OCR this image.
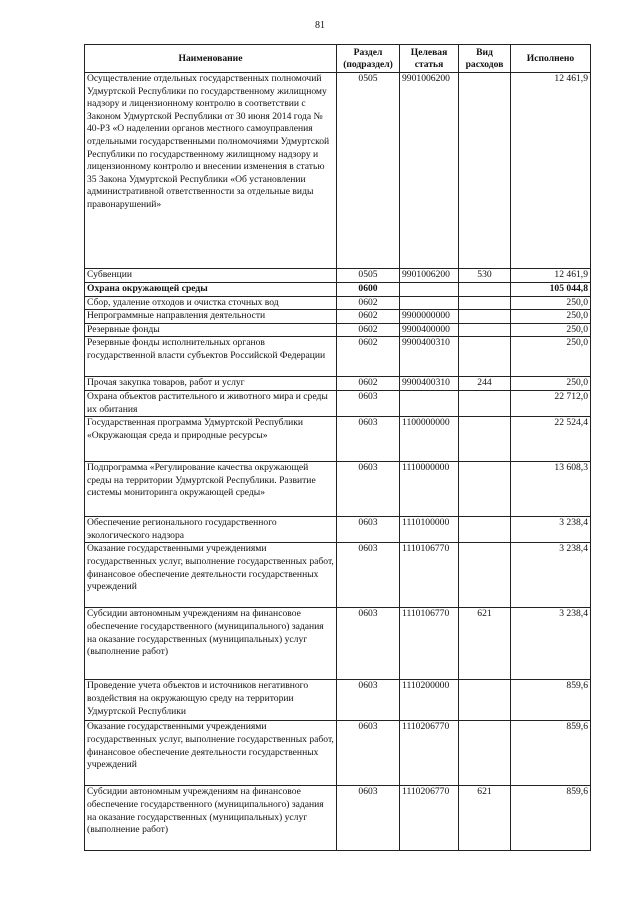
81
Наименование	Раздел (подраздел)	Целевая статья	Вид расходов	Исполнено
Осуществление отдельных государственных полномочий Удмуртской Республики по государственному жилищному надзору и лицензионному контролю в соответствии с Законом Удмуртской Республики от 30 июня 2014 года № 40-РЗ «О наделении органов местного самоуправления отдельными государственными полномочиями Удмуртской Республики по государственному жилищному надзору и лицензионному контролю и внесении изменения в статью 35 Закона Удмуртской Республики «Об установлении административной ответственности за отдельные виды правонарушений»	0505	9901006200		12 461,9
Субвенции	0505	9901006200	530	12 461,9
Охрана окружающей среды	0600			105 044,8
Сбор, удаление отходов и очистка сточных вод	0602			250,0
Непрограммные направления деятельности	0602	9900000000		250,0
Резервные фонды	0602	9900400000		250,0
Резервные фонды исполнительных органов государственной власти субъектов Российской Федерации	0602	9900400310		250,0
Прочая закупка товаров, работ и услуг	0602	9900400310	244	250,0
Охрана объектов растительного и животного мира и среды их обитания	0603			22 712,0
Государственная программа Удмуртской Республики «Окружающая среда и природные ресурсы»	0603	1100000000		22 524,4
Подпрограмма «Регулирование качества окружающей среды на территории Удмуртской Республики. Развитие системы мониторинга окружающей среды»	0603	1110000000		13 608,3
Обеспечение регионального государственного экологического надзора	0603	1110100000		3 238,4
Оказание государственными учреждениями государственных услуг, выполнение государственных работ, финансовое обеспечение деятельности государственных учреждений	0603	1110106770		3 238,4
Субсидии автономным учреждениям на финансовое обеспечение государственного (муниципального) задания на оказание государственных (муниципальных) услуг (выполнение работ)	0603	1110106770	621	3 238,4
Проведение учета объектов и источников негативного воздействия на окружающую среду на территории Удмуртской Республики	0603	1110200000		859,6
Оказание государственными учреждениями государственных услуг, выполнение государственных работ, финансовое обеспечение деятельности государственных учреждений	0603	1110206770		859,6
Субсидии автономным учреждениям на финансовое обеспечение государственного (муниципального) задания на оказание государственных (муниципальных) услуг (выполнение работ)	0603	1110206770	621	859,6
